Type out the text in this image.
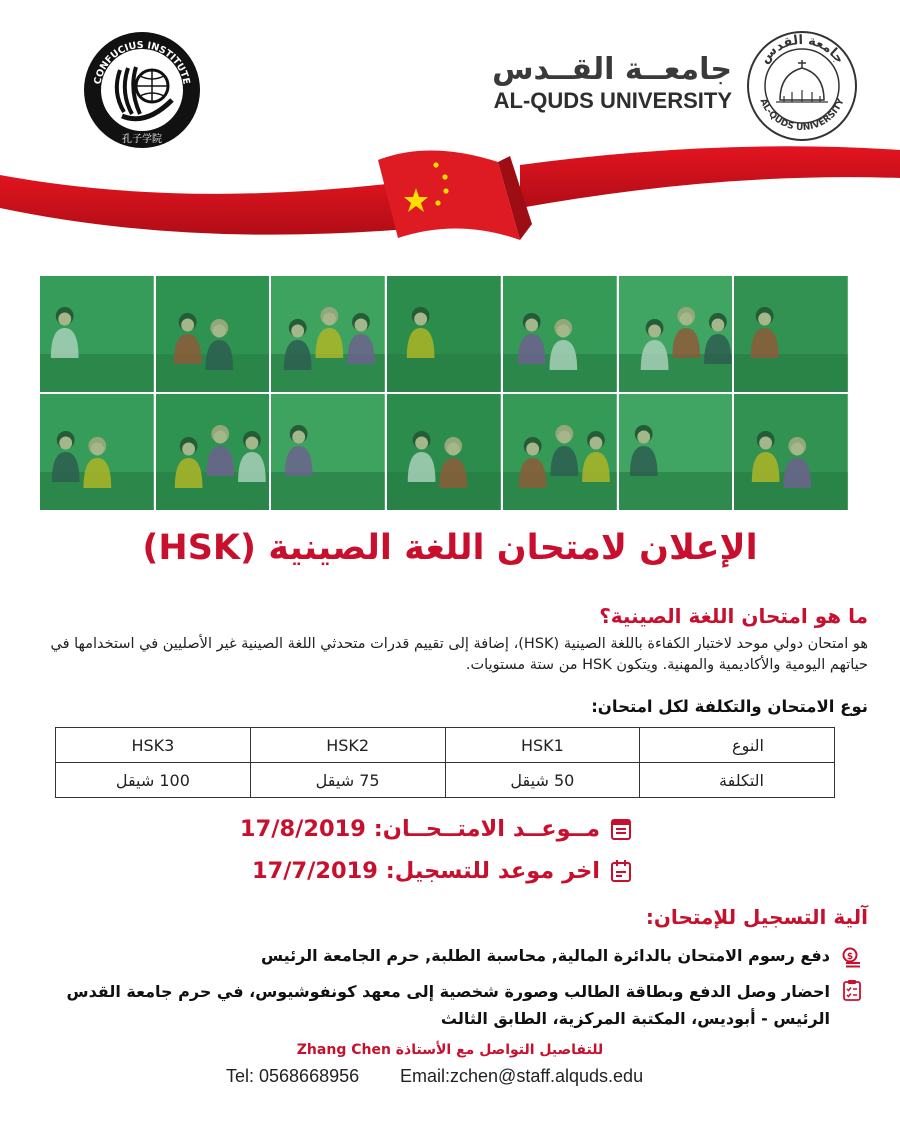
CONFUCIUS INSTITUTE
孔子学院
جامعــة القــدس
AL-QUDS UNIVERSITY
جامعة القدس
AL-QUDS UNIVERSITY
الإعلان لامتحان اللغة الصينية (HSK)
ما هو امتحان اللغة الصينية؟
هو امتحان دولي موحد لاختبار الكفاءة باللغة الصينية (HSK)، إضافة إلى تقييم قدرات متحدثي اللغة الصينية غير الأصليين في استخدامها في حياتهم اليومية والأكاديمية والمهنية. ويتكون HSK من ستة مستويات.
نوع الامتحان والتكلفة لكل امتحان:
النوع	HSK1	HSK2	HSK3
التكلفة	50 شيقل	75 شيقل	100 شيقل
مــوعــد الامتــحــان: 17/8/2019
اخر موعد للتسجيل: 17/7/2019
آلية التسجيل للإمتحان:
$
دفع رسوم الامتحان بالدائرة المالية, محاسبة الطلبة, حرم الجامعة الرئيس
احضار وصل الدفع وبطاقة الطالب وصورة شخصية إلى معهد كونفوشيوس، في حرم جامعة القدس الرئيس - أبوديس، المكتبة المركزية، الطابق الثالث
للتفاصيل التواصل مع الأستاذة Zhang Chen
Tel: 0568668956 Email:zchen@staff.alquds.edu
